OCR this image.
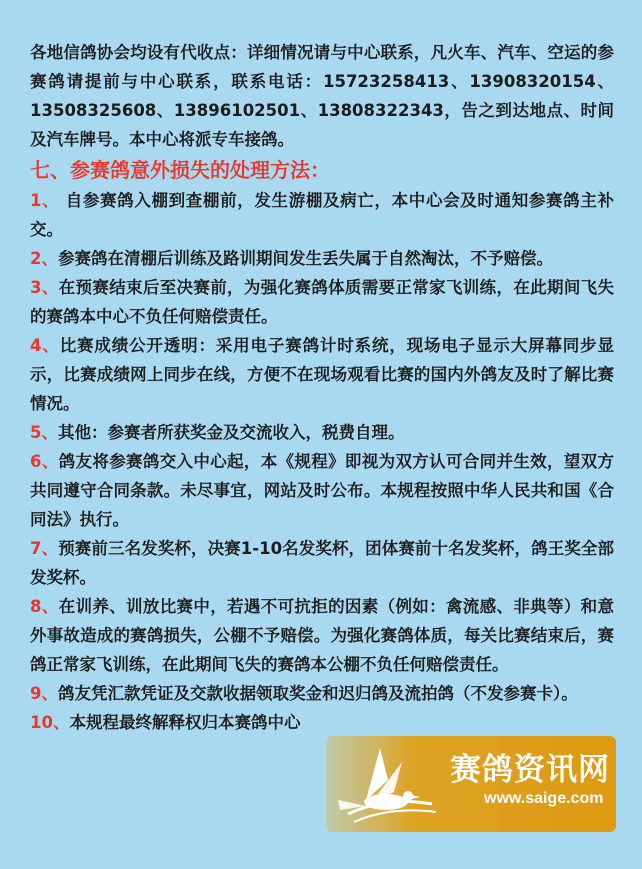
各地信鸽协会均设有代收点：详细情况请与中心联系，凡火车、汽车、空运的参赛鸽请提前与中心联系，联系电话：15723258413、13908320154、13508325608、13896102501、13808322343，告之到达地点、时间及汽车牌号。本中心将派专车接鸽。

七、参赛鸽意外损失的处理方法：

1、 自参赛鸽入棚到查棚前，发生游棚及病亡，本中心会及时通知参赛鸽主补交。

2、参赛鸽在清棚后训练及路训期间发生丢失属于自然淘汰，不予赔偿。

3、在预赛结束后至决赛前，为强化赛鸽体质需要正常家飞训练，在此期间飞失的赛鸽本中心不负任何赔偿责任。

4、比赛成绩公开透明：采用电子赛鸽计时系统，现场电子显示大屏幕同步显示，比赛成绩网上同步在线，方便不在现场观看比赛的国内外鸽友及时了解比赛情况。

5、其他：参赛者所获奖金及交流收入，税费自理。

6、鸽友将参赛鸽交入中心起，本《规程》即视为双方认可合同并生效，望双方共同遵守合同条款。未尽事宜，网站及时公布。本规程按照中华人民共和国《合同法》执行。

7、预赛前三名发奖杯，决赛1-10名发奖杯，团体赛前十名发奖杯，鸽王奖全部发奖杯。

8、在训养、训放比赛中，若遇不可抗拒的因素（例如：禽流感、非典等）和意外事故造成的赛鸽损失，公棚不予赔偿。为强化赛鸽体质，每关比赛结束后，赛鸽正常家飞训练，在此期间飞失的赛鸽本公棚不负任何赔偿责任。

9、鸽友凭汇款凭证及交款收据领取奖金和迟归鸽及流拍鸽（不发参赛卡）。

10、本规程最终解释权归本赛鸽中心

赛鸽资讯网
www.saige.com
